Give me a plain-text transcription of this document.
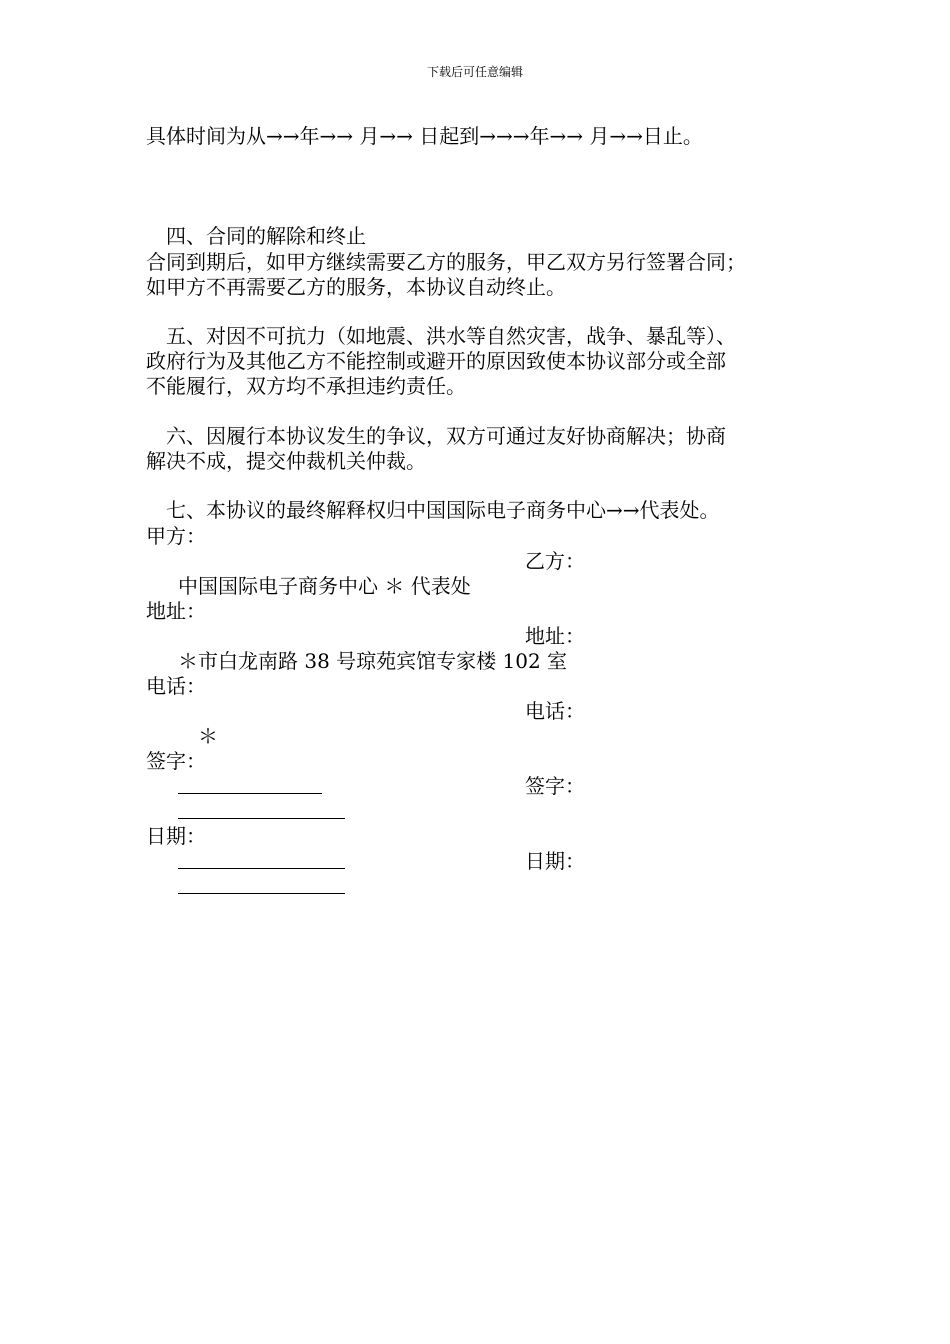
下载后可任意编辑
具体时间为从→→年→→ 月→→ 日起到→→→年→→ 月→→日止。
四、合同的解除和终止
合同到期后，如甲方继续需要乙方的服务，甲乙双方另行签署合同；
如甲方不再需要乙方的服务，本协议自动终止。
五、对因不可抗力（如地震、洪水等自然灾害，战争、暴乱等）、
政府行为及其他乙方不能控制或避开的原因致使本协议部分或全部
不能履行，双方均不承担违约责任。
六、因履行本协议发生的争议，双方可通过友好协商解决；协商
解决不成，提交仲裁机关仲裁。
七、本协议的最终解释权归中国国际电子商务中心→→代表处。
甲方：
乙方：
中国国际电子商务中心 ＊ 代表处
地址：
地址：
＊市白龙南路 38 号琼苑宾馆专家楼 102 室
电话：
电话：
＊
签字：
签字：
日期：
日期：
